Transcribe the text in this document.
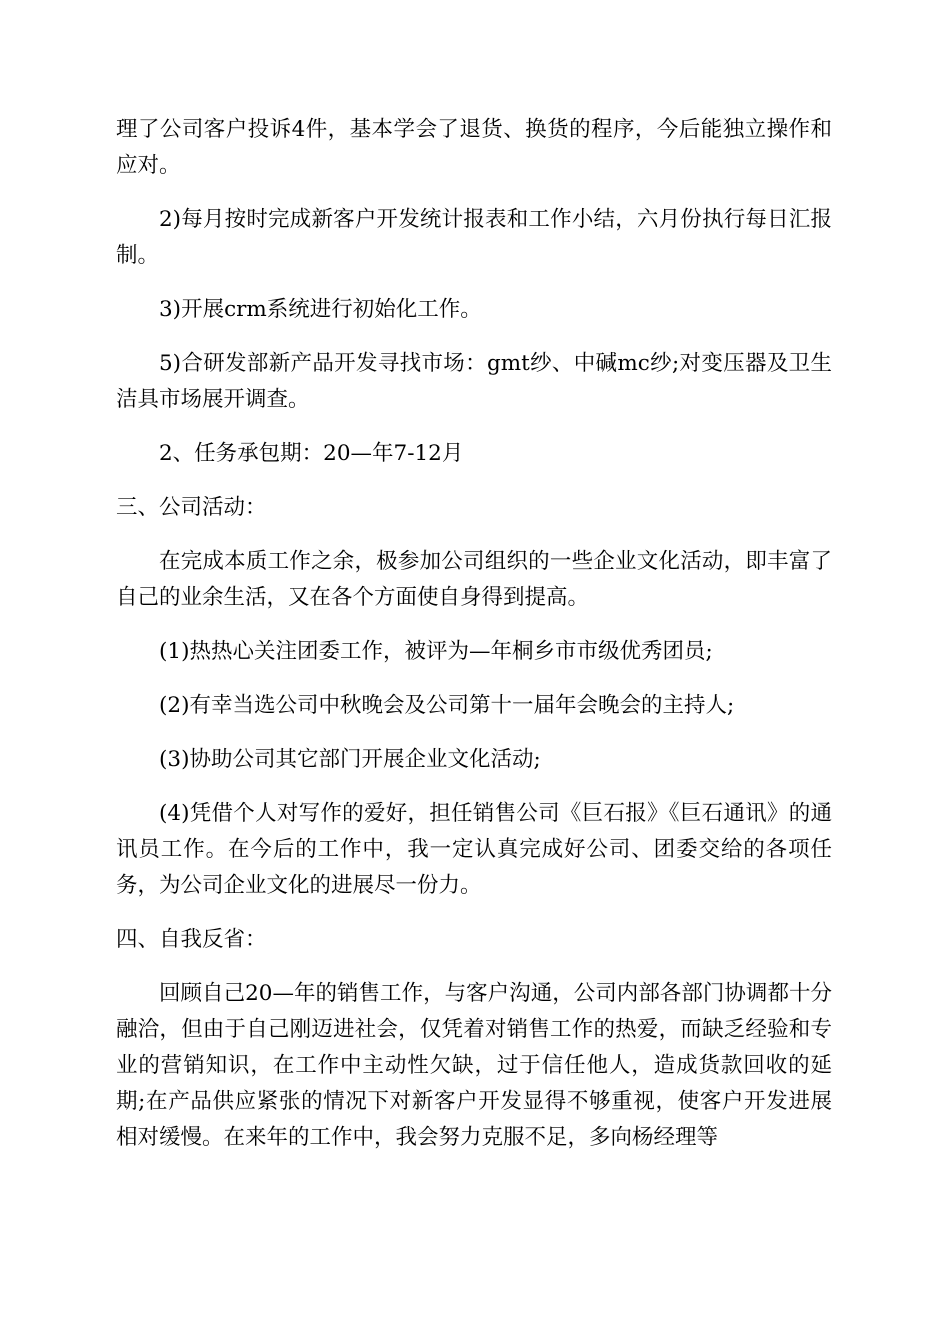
理了公司客户投诉4件，基本学会了退货、换货的程序，今后能独立操作和应对。

2)每月按时完成新客户开发统计报表和工作小结，六月份执行每日汇报制。

3)开展crm系统进行初始化工作。

5)合研发部新产品开发寻找市场：gmt纱、中碱mc纱;对变压器及卫生洁具市场展开调查。

2、任务承包期：20—年7-12月

三、公司活动：

在完成本质工作之余，极参加公司组织的一些企业文化活动，即丰富了自己的业余生活，又在各个方面使自身得到提高。

(1)热热心关注团委工作，被评为—年桐乡市市级优秀团员;

(2)有幸当选公司中秋晚会及公司第十一届年会晚会的主持人;

(3)协助公司其它部门开展企业文化活动;

(4)凭借个人对写作的爱好，担任销售公司《巨石报》《巨石通讯》的通讯员工作。在今后的工作中，我一定认真完成好公司、团委交给的各项任务，为公司企业文化的进展尽一份力。

四、自我反省：

回顾自己20—年的销售工作，与客户沟通，公司内部各部门协调都十分融洽，但由于自己刚迈进社会，仅凭着对销售工作的热爱，而缺乏经验和专业的营销知识，在工作中主动性欠缺，过于信任他人，造成货款回收的延期;在产品供应紧张的情况下对新客户开发显得不够重视，使客户开发进展相对缓慢。在来年的工作中，我会努力克服不足，多向杨经理等
